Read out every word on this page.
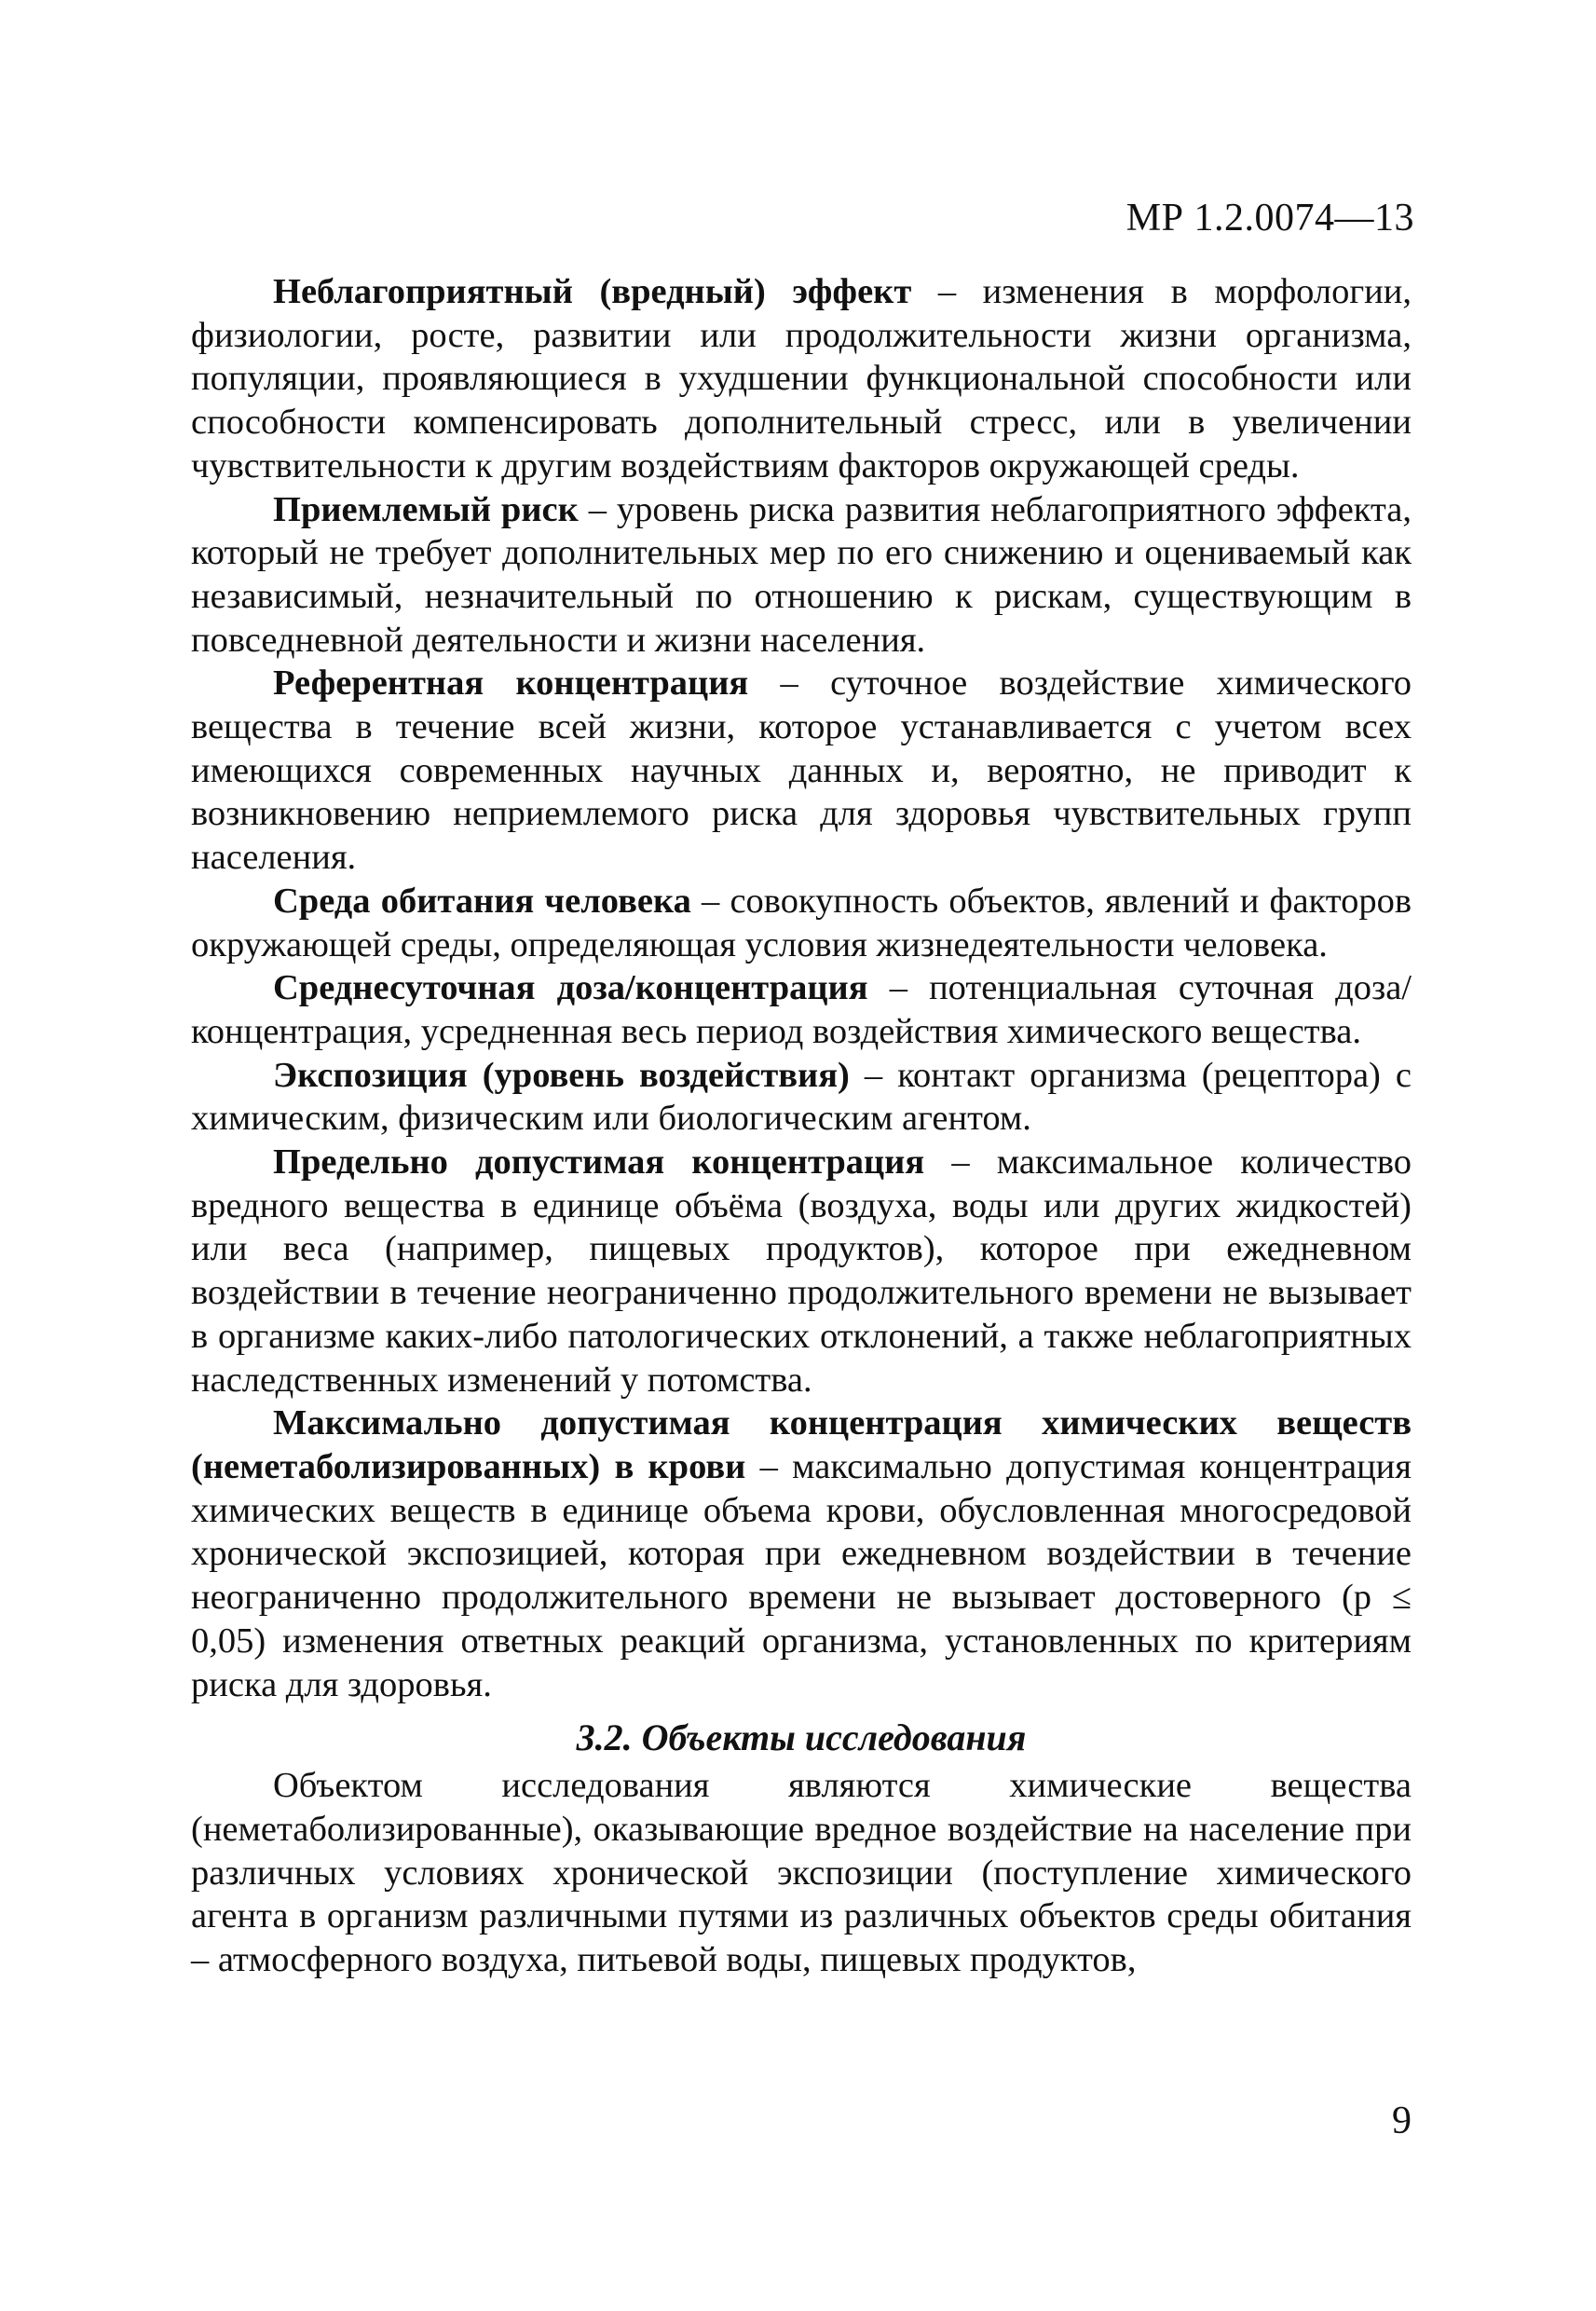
МР 1.2.0074—13

Неблагоприятный (вредный) эффект – изменения в морфологии, физиологии, росте, развитии или продолжительности жизни организма, популяции, проявляющиеся в ухудшении функциональной способности или способности компенсировать дополнительный стресс, или в увеличении чувствительности к другим воздействиям факторов окружающей среды.

Приемлемый риск – уровень риска развития неблагоприятного эффекта, который не требует дополнительных мер по его снижению и оцениваемый как независимый, незначительный по отношению к рискам, существующим в повседневной деятельности и жизни населения.

Референтная концентрация – суточное воздействие химического вещества в течение всей жизни, которое устанавливается с учетом всех имеющихся современных научных данных и, вероятно, не приводит к возникновению неприемлемого риска для здоровья чувствительных групп населения.

Среда обитания человека – совокупность объектов, явлений и факторов окружающей среды, определяющая условия жизнедеятельности человека.

Среднесуточная доза/концентрация – потенциальная суточная доза/концентрация, усредненная весь период воздействия химического вещества.

Экспозиция (уровень воздействия) – контакт организма (рецептора) с химическим, физическим или биологическим агентом.

Предельно допустимая концентрация – максимальное количество вредного вещества в единице объёма (воздуха, воды или других жидкостей) или веса (например, пищевых продуктов), которое при ежедневном воздействии в течение неограниченно продолжительного времени не вызывает в организме каких-либо патологических отклонений, а также неблагоприятных наследственных изменений у потомства.

Максимально допустимая концентрация химических веществ (неметаболизированных) в крови – максимально допустимая концентрация химических веществ в единице объема крови, обусловленная многосредовой хронической экспозицией, которая при ежедневном воздействии в течение неограниченно продолжительного времени не вызывает достоверного (p ≤ 0,05) изменения ответных реакций организма, установленных по критериям риска для здоровья.

3.2. Объекты исследования

Объектом исследования являются химические вещества (неметаболизированные), оказывающие вредное воздействие на население при различных условиях хронической экспозиции (поступление химического агента в организм различными путями из различных объектов среды обитания – атмосферного воздуха, питьевой воды, пищевых продуктов,

9
